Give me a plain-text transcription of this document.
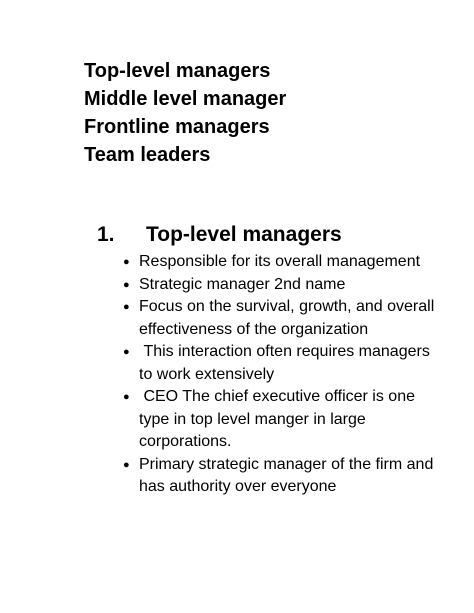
Top-level managers
Middle level manager
Frontline managers
Team leaders
1. Top-level managers
● Responsible for its overall management
● Strategic manager 2nd name
● Focus on the survival, growth, and overall effectiveness of the organization
● This interaction often requires managers to work extensively
● CEO The chief executive officer is one type in top level manger in large corporations.
● Primary strategic manager of the firm and has authority over everyone
